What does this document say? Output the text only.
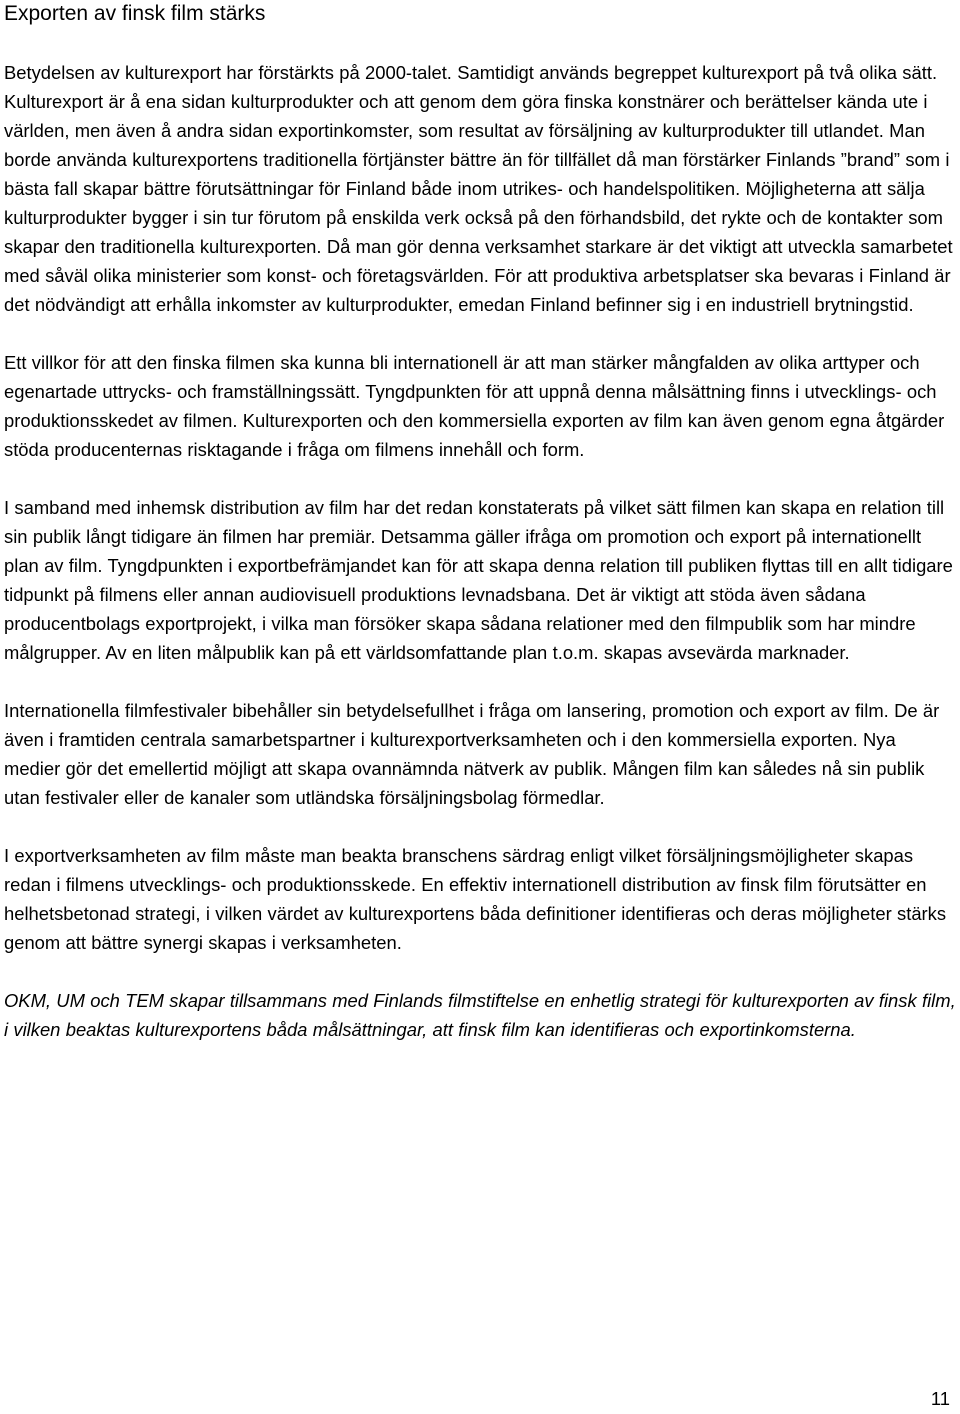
Exporten av finsk film stärks

Betydelsen av kulturexport har förstärkts på 2000-talet. Samtidigt används begreppet kulturexport på två olika sätt. Kulturexport är å ena sidan kulturprodukter och att genom dem göra finska konstnärer och berättelser kända ute i världen, men även å andra sidan exportinkomster, som resultat av försäljning av kulturprodukter till utlandet. Man borde använda kulturexportens traditionella förtjänster bättre än för tillfället då man förstärker Finlands ”brand” som i bästa fall skapar bättre förutsättningar för Finland både inom utrikes- och handelspolitiken. Möjligheterna att sälja kulturprodukter bygger i sin tur förutom på enskilda verk också på den förhandsbild, det rykte och de kontakter som skapar den traditionella kulturexporten. Då man gör denna verksamhet starkare är det viktigt att utveckla samarbetet med såväl olika ministerier som konst- och företagsvärlden. För att produktiva arbetsplatser ska bevaras i Finland är det nödvändigt att erhålla inkomster av kulturprodukter, emedan Finland befinner sig i en industriell brytningstid.

Ett villkor för att den finska filmen ska kunna bli internationell är att man stärker mångfalden av olika arttyper och egenartade uttrycks- och framställningssätt. Tyngdpunkten för att uppnå denna målsättning finns i utvecklings- och produktionsskedet av filmen. Kulturexporten och den kommersiella exporten av film kan även genom egna åtgärder stöda producenternas risktagande i fråga om filmens innehåll och form.

I samband med inhemsk distribution av film har det redan konstaterats på vilket sätt filmen kan skapa en relation till sin publik långt tidigare än filmen har premiär. Detsamma gäller ifråga om promotion och export på internationellt plan av film. Tyngdpunkten i exportbefrämjandet kan för att skapa denna relation till publiken flyttas till en allt tidigare tidpunkt på filmens eller annan audiovisuell produktions levnadsbana. Det är viktigt att stöda även sådana producentbolags exportprojekt, i vilka man försöker skapa sådana relationer med den filmpublik som har mindre målgrupper. Av en liten målpublik kan på ett världsomfattande plan t.o.m. skapas avsevärda marknader.

Internationella filmfestivaler bibehåller sin betydelsefullhet i fråga om lansering, promotion och export av film. De är även i framtiden centrala samarbetspartner i kulturexportverksamheten och i den kommersiella exporten. Nya medier gör det emellertid möjligt att skapa ovannämnda nätverk av publik. Mången film kan således nå sin publik utan festivaler eller de kanaler som utländska försäljningsbolag förmedlar.

I exportverksamheten av film måste man beakta branschens särdrag enligt vilket försäljningsmöjligheter skapas redan i filmens utvecklings- och produktionsskede. En effektiv internationell distribution av finsk film förutsätter en helhetsbetonad strategi, i vilken värdet av kulturexportens båda definitioner identifieras och deras möjligheter stärks genom att bättre synergi skapas i verksamheten.

OKM, UM och TEM skapar tillsammans med Finlands filmstiftelse en enhetlig strategi för kulturexporten av finsk film, i vilken beaktas kulturexportens båda målsättningar, att finsk film kan identifieras och exportinkomsterna.

11
